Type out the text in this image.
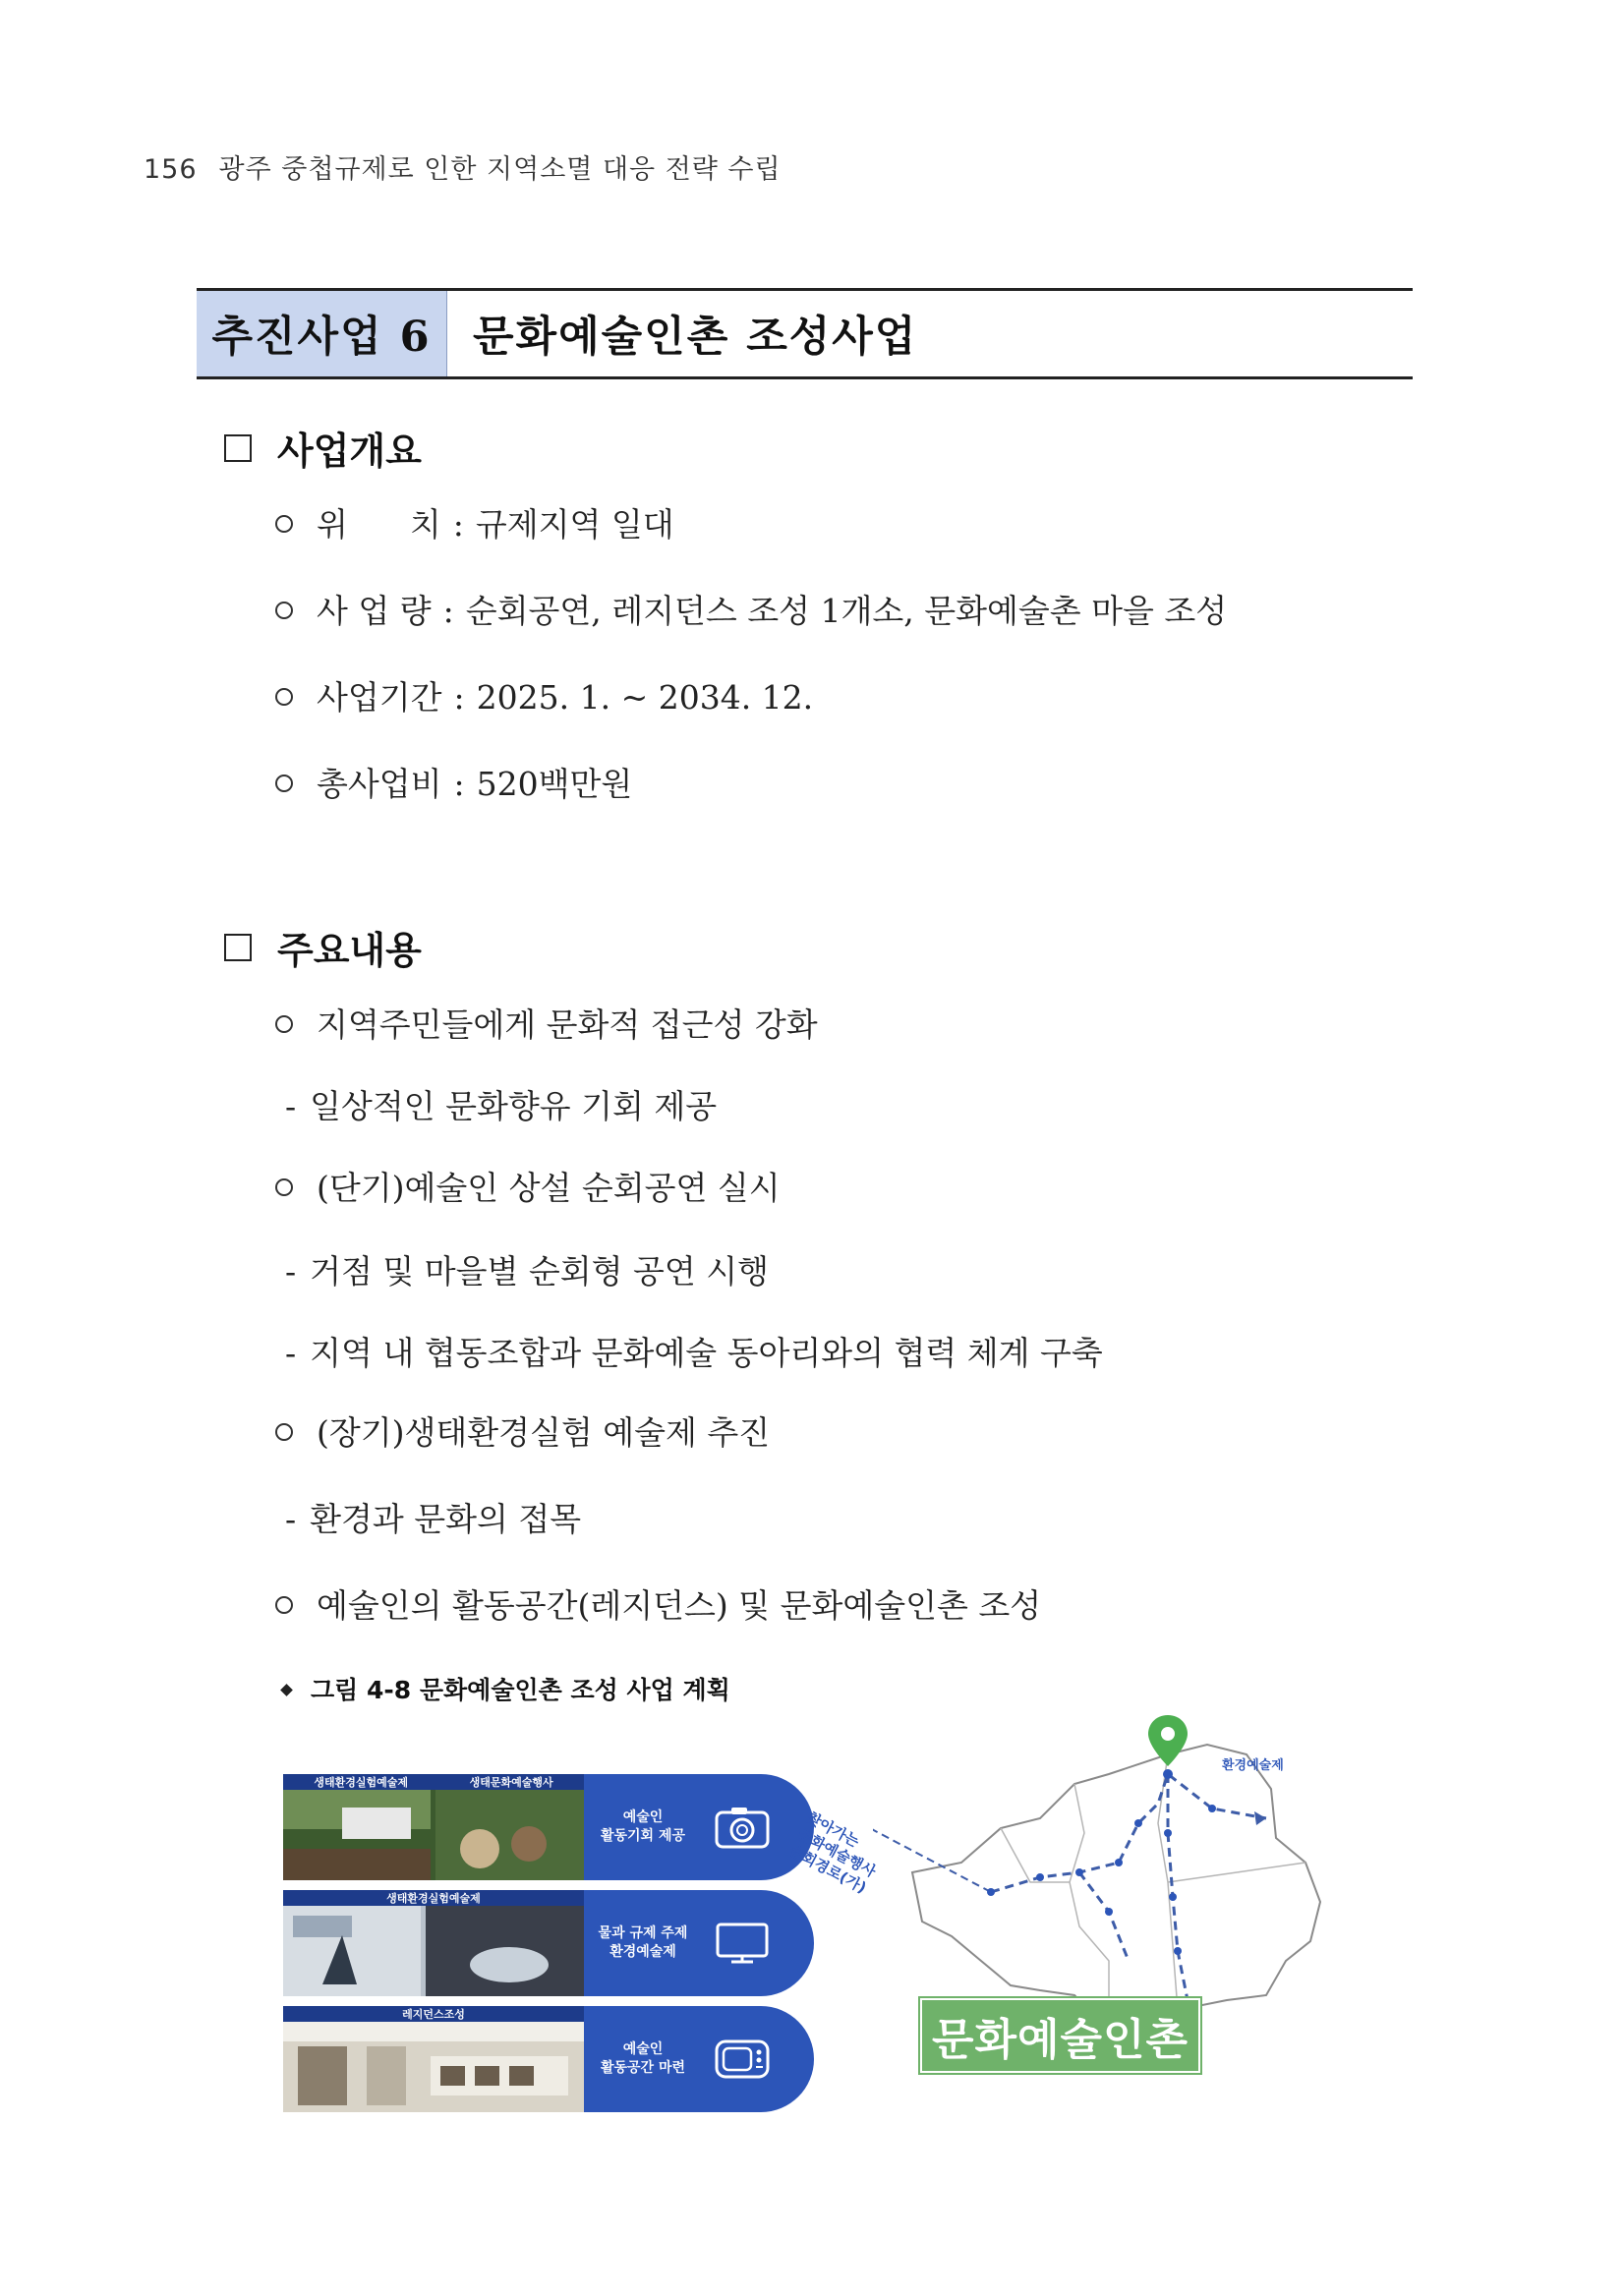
156 광주 중첩규제로 인한 지역소멸 대응 전략 수립
추진사업 6 문화예술인촌 조성사업
사업개요
위      치 : 규제지역 일대
사 업 량 : 순회공연, 레지던스 조성 1개소, 문화예술촌 마을 조성
사업기간 : 2025. 1. ~ 2034. 12.
총사업비 : 520백만원
주요내용
지역주민들에게 문화적 접근성 강화
- 일상적인 문화향유 기회 제공
(단기)예술인 상설 순회공연 실시
- 거점 및 마을별 순회형 공연 시행
- 지역 내 협동조합과 문화예술 동아리와의 협력 체계 구축
(장기)생태환경실험 예술제 추진
- 환경과 문화의 접목
예술인의 활동공간(레지던스) 및 문화예술인촌 조성
그림 4-8 문화예술인촌 조성 사업 계획
생태환경실험예술제	생태문화예술행사
예술인
활동기회 제공
생태환경실험예술제
물과 규제 주제
환경예술제
레지던스조성
예술인
활동공간 마련
찾아가는
문화예술행사
순회경로(가)
환경예술제
문화예술인촌
